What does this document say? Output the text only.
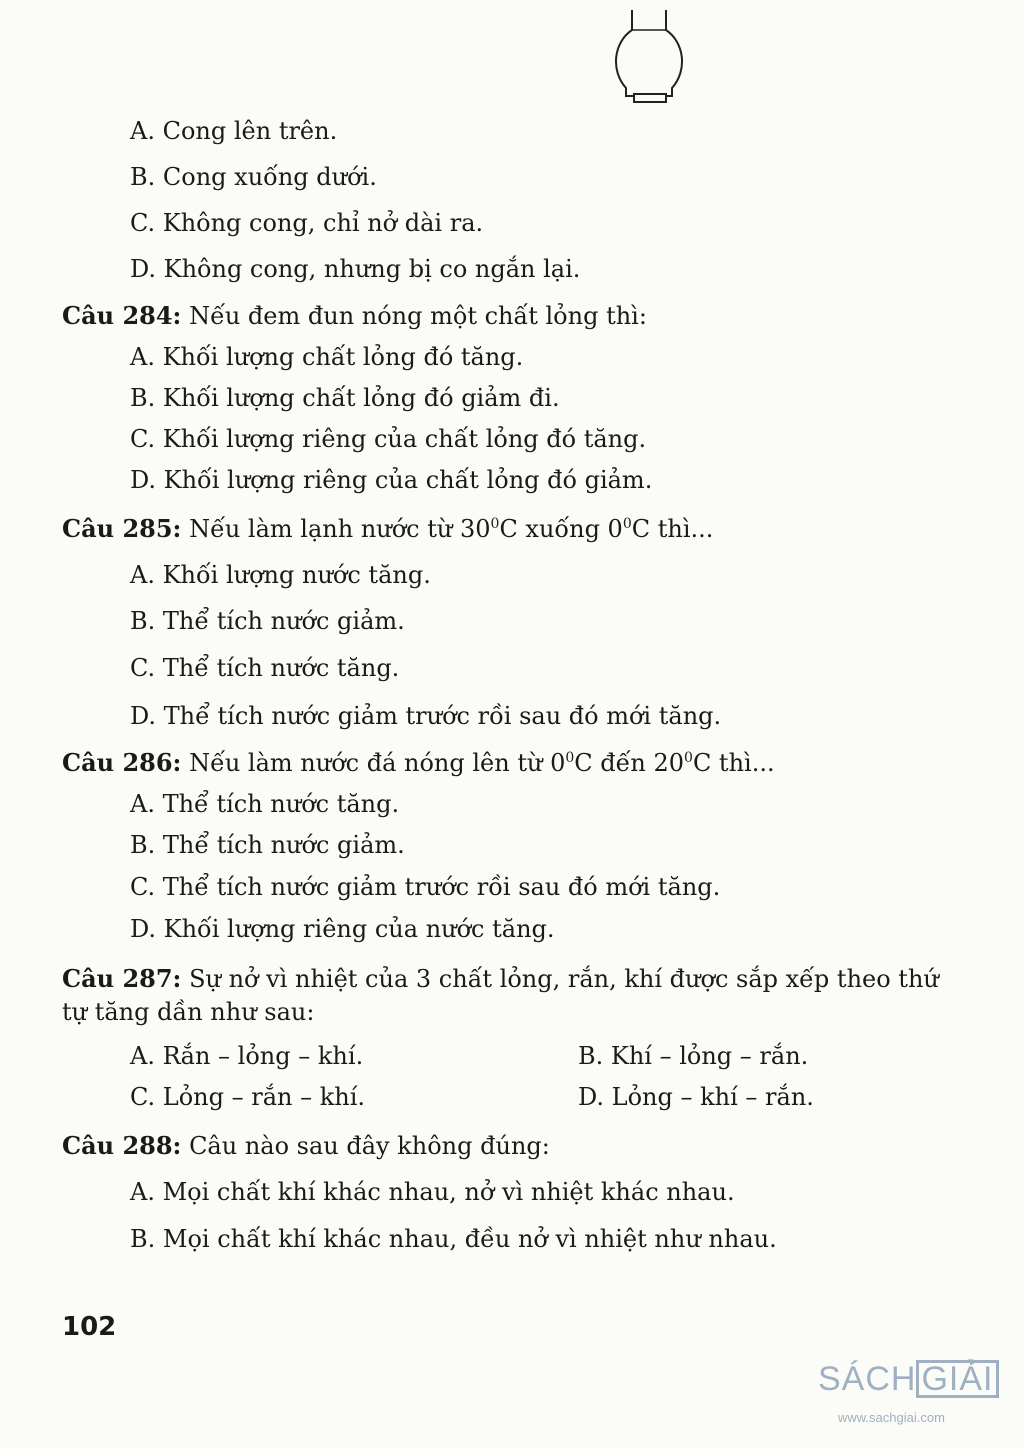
A. Cong lên trên.
B. Cong xuống dưới.
C. Không cong, chỉ nở dài ra.
D. Không cong, nhưng bị co ngắn lại.
Câu 284: Nếu đem đun nóng một chất lỏng thì:
A. Khối lượng chất lỏng đó tăng.
B. Khối lượng chất lỏng đó giảm đi.
C. Khối lượng riêng của chất lỏng đó tăng.
D. Khối lượng riêng của chất lỏng đó giảm.
Câu 285: Nếu làm lạnh nước từ $30^0C$ xuống $0^0C$ thì...
A. Khối lượng nước tăng.
B. Thể tích nước giảm.
C. Thể tích nước tăng.
D. Thể tích nước giảm trước rồi sau đó mới tăng.
Câu 286: Nếu làm nước đá nóng lên từ $0^0C$ đến $20^0C$ thì...
A. Thể tích nước tăng.
B. Thể tích nước giảm.
C. Thể tích nước giảm trước rồi sau đó mới tăng.
D. Khối lượng riêng của nước tăng.
Câu 287: Sự nở vì nhiệt của 3 chất lỏng, rắn, khí được sắp xếp theo thứ
tự tăng dần như sau:
A. Rắn – lỏng – khí.	B. Khí – lỏng – rắn.
C. Lỏng – rắn – khí.	D. Lỏng – khí – rắn.
Câu 288: Câu nào sau đây không đúng:
A. Mọi chất khí khác nhau, nở vì nhiệt khác nhau.
B. Mọi chất khí khác nhau, đều nở vì nhiệt như nhau.
102
SÁCH GIẢI
www.sachgiai.com
